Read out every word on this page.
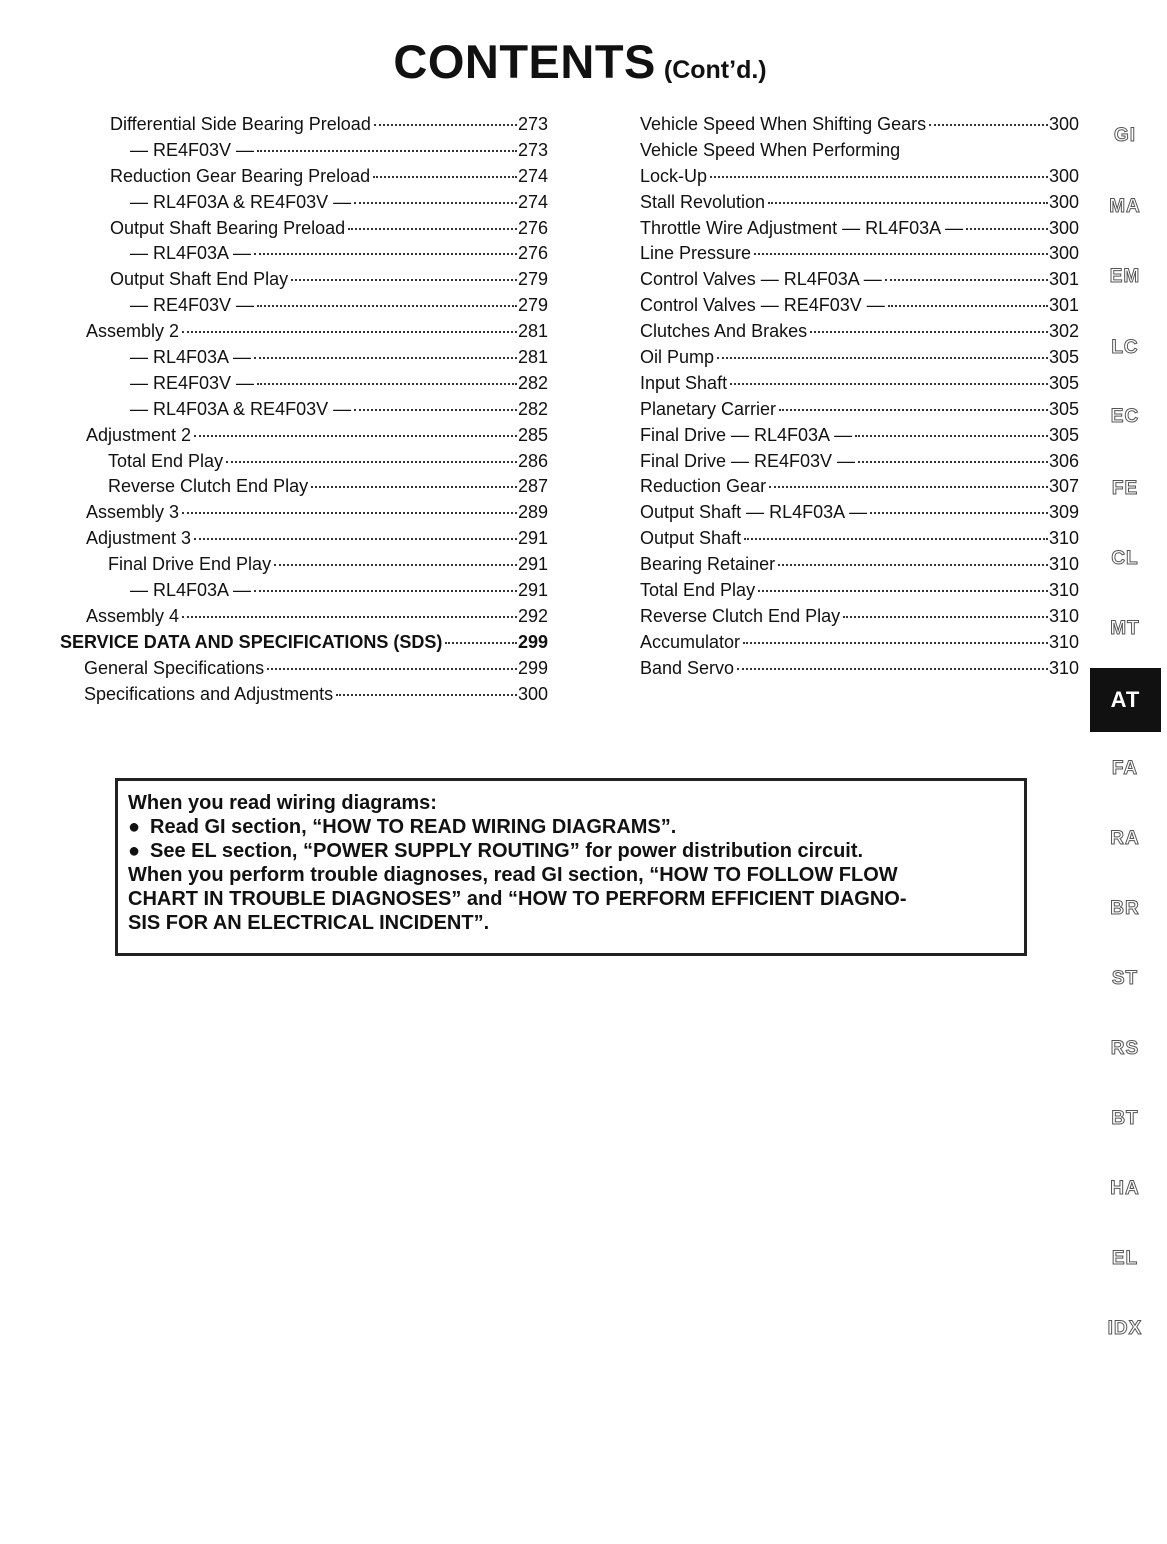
CONTENTS (Cont’d.)
Differential Side Bearing Preload	273
— RE4F03V —	273
Reduction Gear Bearing Preload	274
— RL4F03A & RE4F03V —	274
Output Shaft Bearing Preload	276
— RL4F03A —	276
Output Shaft End Play	279
— RE4F03V —	279
Assembly 2	281
— RL4F03A —	281
— RE4F03V —	282
— RL4F03A & RE4F03V —	282
Adjustment 2	285
Total End Play	286
Reverse Clutch End Play	287
Assembly 3	289
Adjustment 3	291
Final Drive End Play	291
— RL4F03A —	291
Assembly 4	292
SERVICE DATA AND SPECIFICATIONS (SDS)	299
General Specifications	299
Specifications and Adjustments	300
Vehicle Speed When Shifting Gears	300
Vehicle Speed When Performing
Lock-Up	300
Stall Revolution	300
Throttle Wire Adjustment — RL4F03A —	300
Line Pressure	300
Control Valves — RL4F03A —	301
Control Valves — RE4F03V —	301
Clutches And Brakes	302
Oil Pump	305
Input Shaft	305
Planetary Carrier	305
Final Drive — RL4F03A —	305
Final Drive — RE4F03V —	306
Reduction Gear	307
Output Shaft — RL4F03A —	309
Output Shaft	310
Bearing Retainer	310
Total End Play	310
Reverse Clutch End Play	310
Accumulator	310
Band Servo	310
When you read wiring diagrams:
● Read GI section, “HOW TO READ WIRING DIAGRAMS”.
● See EL section, “POWER SUPPLY ROUTING” for power distribution circuit.
When you perform trouble diagnoses, read GI section, “HOW TO FOLLOW FLOW
CHART IN TROUBLE DIAGNOSES” and “HOW TO PERFORM EFFICIENT DIAGNO-
SIS FOR AN ELECTRICAL INCIDENT”.
GI
MA
EM
LC
EC
FE
CL
MT
AT
FA
RA
BR
ST
RS
BT
HA
EL
IDX
